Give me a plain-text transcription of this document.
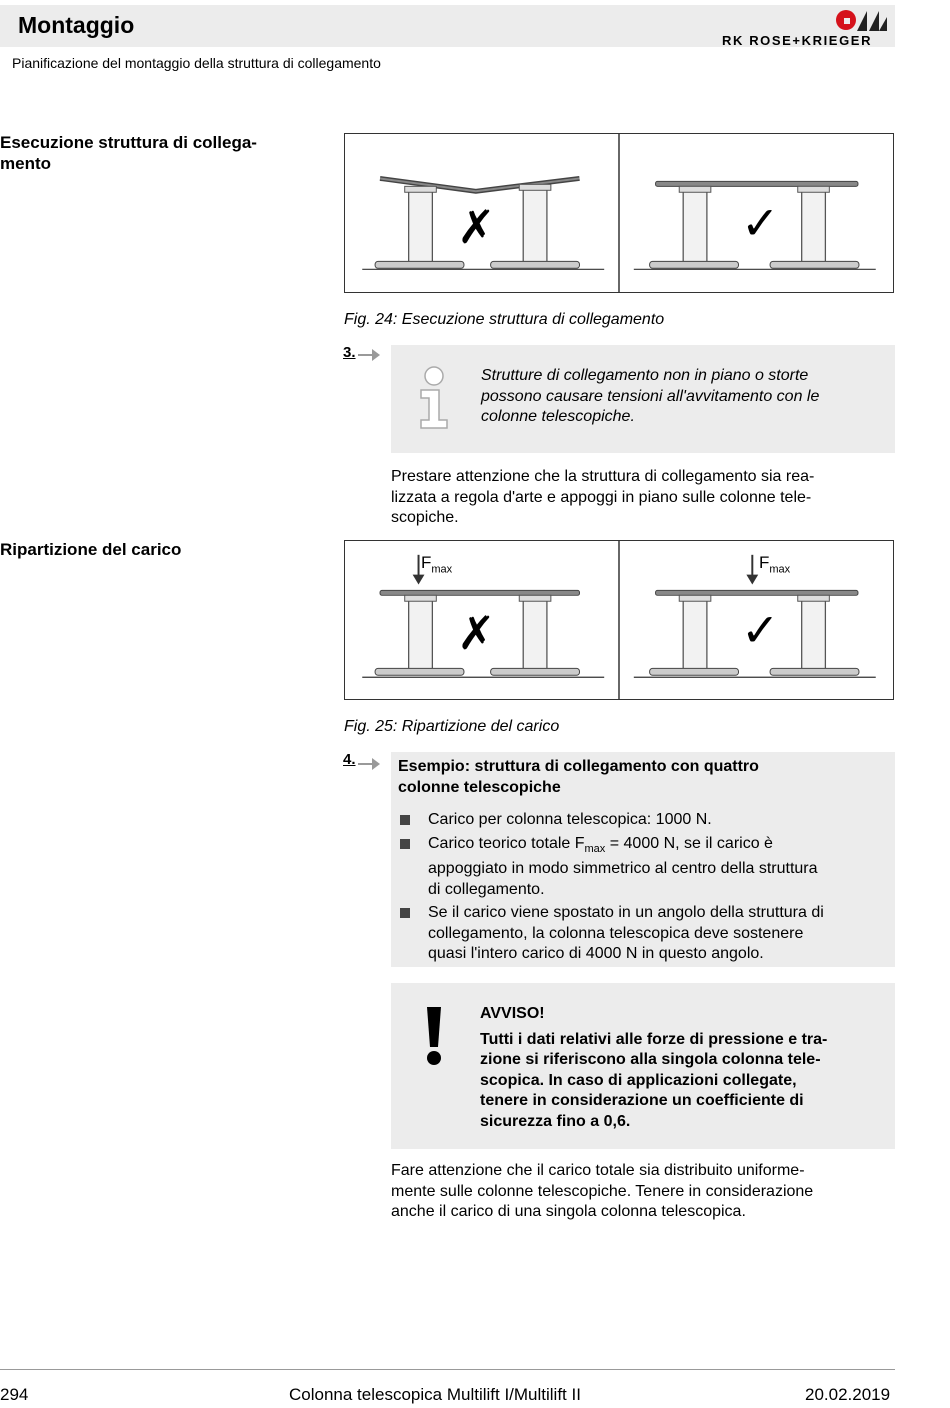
Montaggio
Pianificazione del montaggio della struttura di collegamento
RK ROSE+KRIEGER
Esecuzione struttura di collega-
mento
✗	✓
Fig. 24: Esecuzione struttura di collegamento
3.
Strutture di collegamento non in piano o storte
possono causare tensioni all'avvitamento con le
colonne telescopiche.
Prestare attenzione che la struttura di collegamento sia rea-
lizzata a regola d'arte e appoggi in piano sulle colonne tele-
scopiche.
Ripartizione del carico
$F_{max}$	$F_{max}$
✗	✓
Fig. 25: Ripartizione del carico
4.	Esempio: struttura di collegamento con quattro
colonne telescopiche
Carico per colonna telescopica: 1000 N.
Carico teorico totale $F_{max} = 4000$ N, se il carico è
appoggiato in modo simmetrico al centro della struttura
di collegamento.
Se il carico viene spostato in un angolo della struttura di
collegamento, la colonna telescopica deve sostenere
quasi l'intero carico di 4000 N in questo angolo.
AVVISO!
Tutti i dati relativi alle forze di pressione e tra-
zione si riferiscono alla singola colonna tele-
scopica. In caso di applicazioni collegate,
tenere in considerazione un coefficiente di
sicurezza fino a 0,6.
Fare attenzione che il carico totale sia distribuito uniforme-
mente sulle colonne telescopiche. Tenere in considerazione
anche il carico di una singola colonna telescopica.
294	Colonna telescopica Multilift I/Multilift II	20.02.2019
